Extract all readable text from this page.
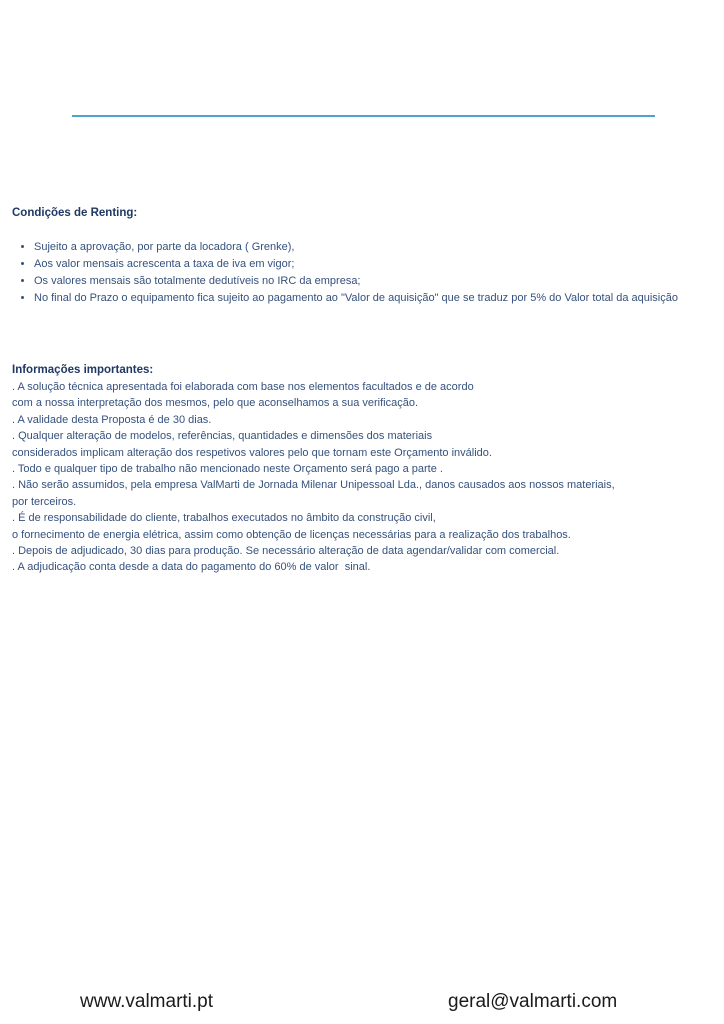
Condições de Renting:
• Sujeito a aprovação, por parte da locadora ( Grenke),
• Aos valor mensais acrescenta a taxa de iva em vigor;
• Os valores mensais são totalmente dedutíveis no IRC da empresa;
• No final do Prazo o equipamento fica sujeito ao pagamento ao "Valor de aquisição" que se traduz por 5% do Valor total da aquisição
Informações importantes:
. A solução técnica apresentada foi elaborada com base nos elementos facultados e de acordo
com a nossa interpretação dos mesmos, pelo que aconselhamos a sua verificação.
. A validade desta Proposta é de 30 dias.
. Qualquer alteração de modelos, referências, quantidades e dimensões dos materiais
considerados implicam alteração dos respetivos valores pelo que tornam este Orçamento inválido.
. Todo e qualquer tipo de trabalho não mencionado neste Orçamento será pago a parte .
. Não serão assumidos, pela empresa ValMarti de Jornada Milenar Unipessoal Lda., danos causados aos nossos materiais,
por terceiros.
. É de responsabilidade do cliente, trabalhos executados no âmbito da construção civil,
o fornecimento de energia elétrica, assim como obtenção de licenças necessárias para a realização dos trabalhos.
. Depois de adjudicado, 30 dias para produção. Se necessário alteração de data agendar/validar com comercial.
. A adjudicação conta desde a data do pagamento do 60% de valor  sinal.
www.valmarti.pt	geral@valmarti.com
